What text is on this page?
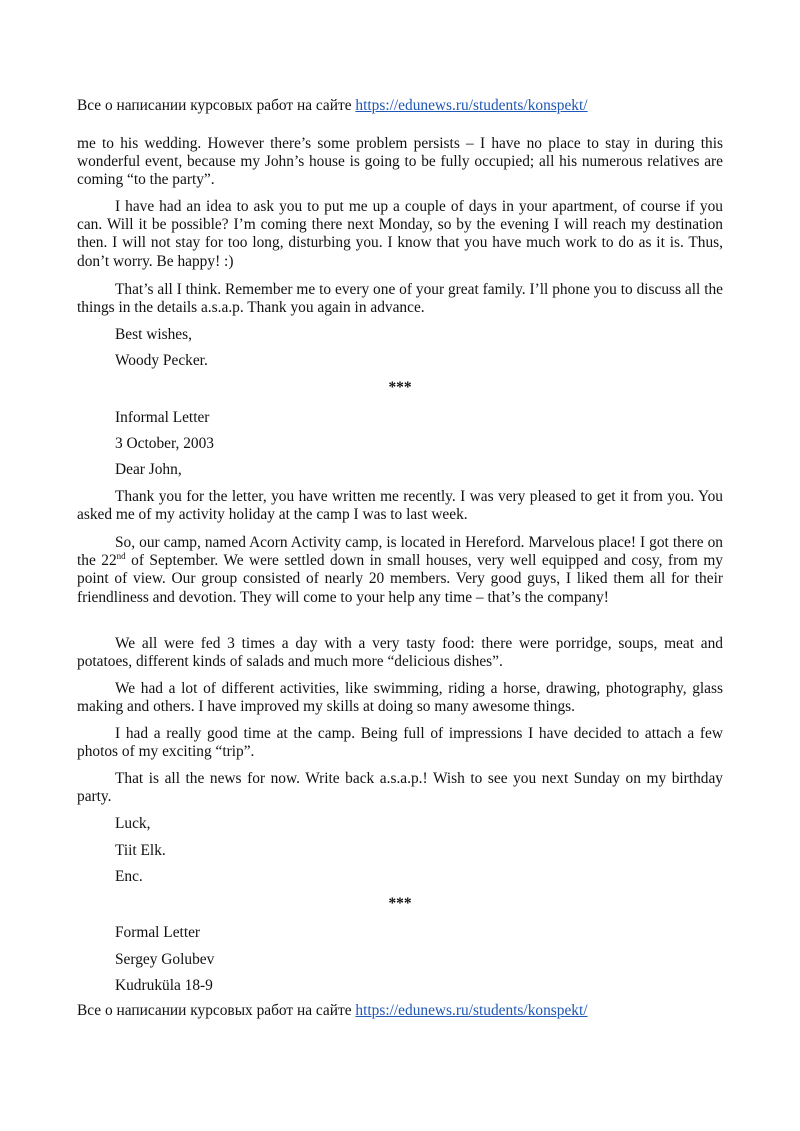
Все о написании курсовых работ на сайте https://edunews.ru/students/konspekt/
me to his wedding. However there’s some problem persists – I have no place to stay in during this wonderful event, because my John’s house is going to be fully occupied; all his numerous relatives are coming “to the party”.
I have had an idea to ask you to put me up a couple of days in your apartment, of course if you can. Will it be possible? I’m coming there next Monday, so by the evening I will reach my destination then. I will not stay for too long, disturbing you. I know that you have much work to do as it is. Thus, don’t worry. Be happy! :)
That’s all I think. Remember me to every one of your great family. I’ll phone you to discuss all the things in the details a.s.a.p. Thank you again in advance.
Best wishes,
Woody Pecker.
***
Informal Letter
3 October, 2003
Dear John,
Thank you for the letter, you have written me recently. I was very pleased to get it from you. You asked me of my activity holiday at the camp I was to last week.
So, our camp, named Acorn Activity camp, is located in Hereford. Marvelous place! I got there on the 22nd of September. We were settled down in small houses, very well equipped and cosy, from my point of view. Our group consisted of nearly 20 members. Very good guys, I liked them all for their friendliness and devotion. They will come to your help any time – that’s the company!
We all were fed 3 times a day with a very tasty food: there were porridge, soups, meat and potatoes, different kinds of salads and much more “delicious dishes”.
We had a lot of different activities, like swimming, riding a horse, drawing, photography, glass making and others. I have improved my skills at doing so many awesome things.
I had a really good time at the camp. Being full of impressions I have decided to attach a few photos of my exciting “trip”.
That is all the news for now. Write back a.s.a.p.! Wish to see you next Sunday on my birthday party.
Luck,
Tiit Elk.
Enc.
***
Formal Letter
Sergey Golubev
Kudruküla 18-9
Все о написании курсовых работ на сайте https://edunews.ru/students/konspekt/
